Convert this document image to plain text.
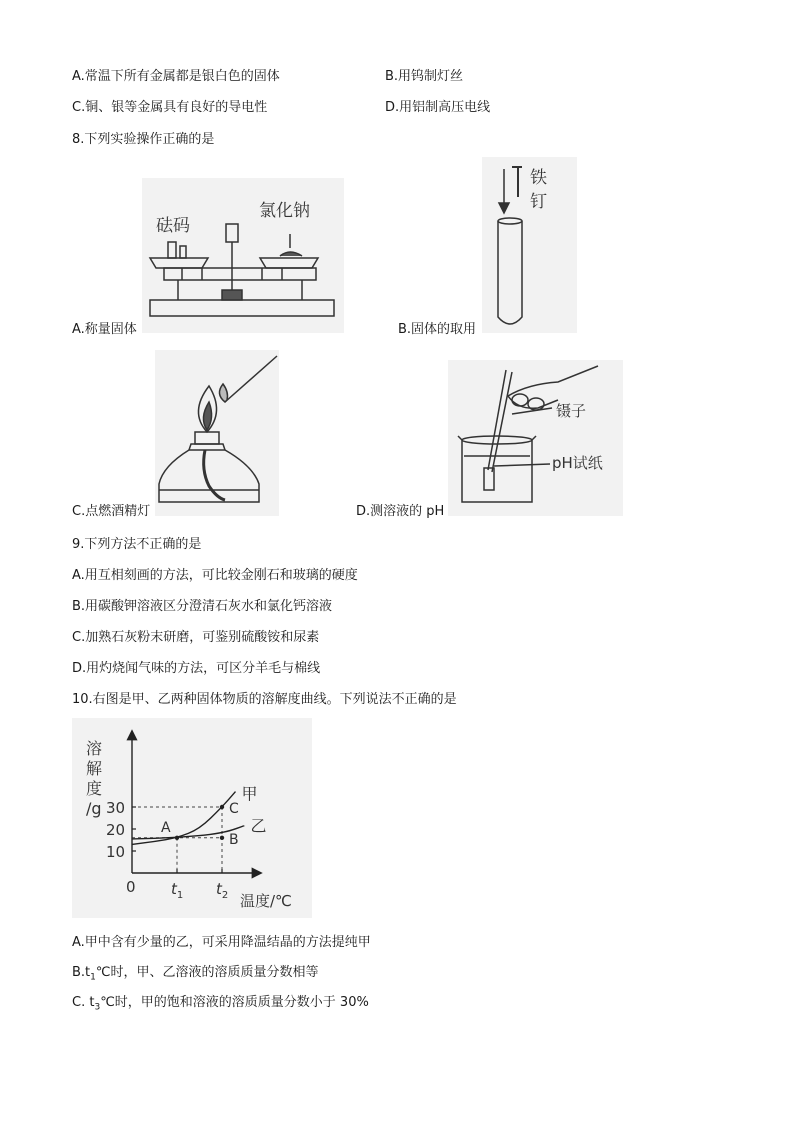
A.常温下所有金属都是银白色的固体	B.用钨制灯丝
C.铜、银等金属具有良好的导电性	D.用铝制高压电线
8.下列实验操作正确的是
砝码
氯化钠
A.称量固体
铁
钉
B.固体的取用
C.点燃酒精灯
镊子
pH试纸
D.测溶液的 pH
9.下列方法不正确的是
A.用互相刻画的方法，可比较金刚石和玻璃的硬度
B.用碳酸钾溶液区分澄清石灰水和氯化钙溶液
C.加熟石灰粉末研磨，可鉴别硫酸铵和尿素
D.用灼烧闻气味的方法，可区分羊毛与棉线
10.右图是甲、乙两种固体物质的溶解度曲线。下列说法不正确的是
溶
解
度
/g
0
温度/℃
10
20
30
$t_1$ $t_2$
甲
乙
A
C
B
A.甲中含有少量的乙，可采用降温结晶的方法提纯甲
$B.t_1℃$时，甲、乙溶液的溶质质量分数相等
C. $t_3℃$时，甲的饱和溶液的溶质质量分数小于 30%
